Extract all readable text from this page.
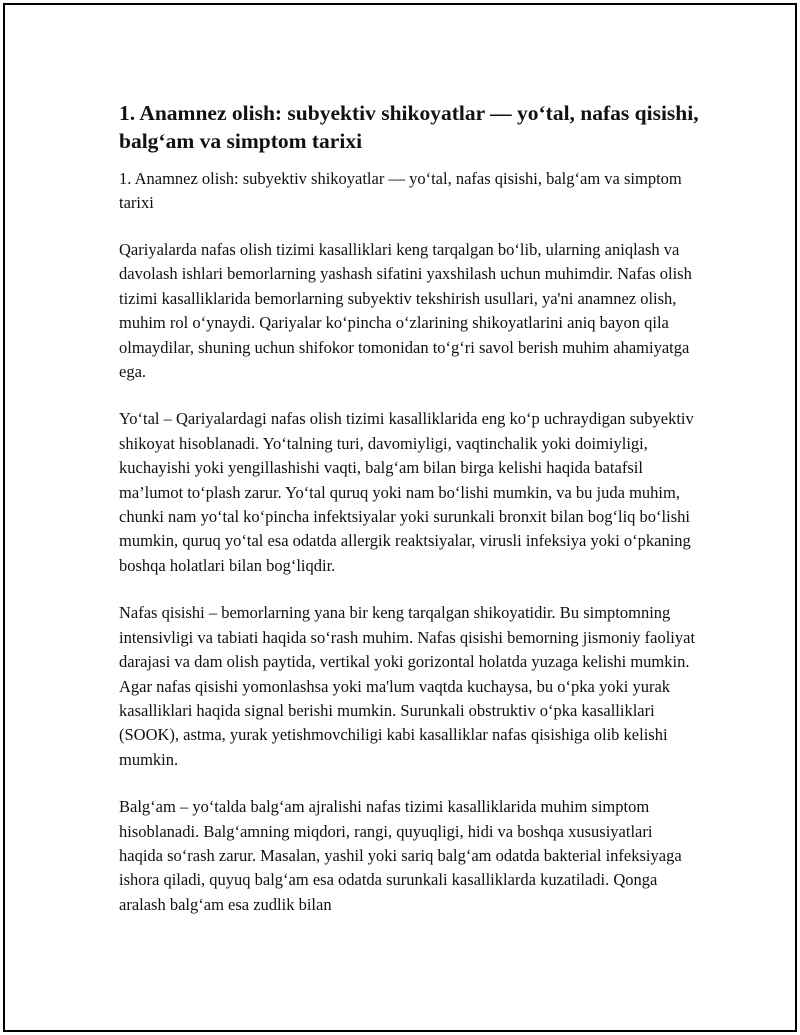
1. Anamnez olish: subyektiv shikoyatlar — yo‘tal, nafas qisishi, balg‘am va simptom tarixi

1. Anamnez olish: subyektiv shikoyatlar — yo‘tal, nafas qisishi, balg‘am va simptom tarixi

Qariyalarda nafas olish tizimi kasalliklari keng tarqalgan bo‘lib, ularning aniqlash va davolash ishlari bemorlarning yashash sifatini yaxshilash uchun muhimdir. Nafas olish tizimi kasalliklarida bemorlarning subyektiv tekshirish usullari, ya'ni anamnez olish, muhim rol o‘ynaydi. Qariyalar ko‘pincha o‘zlarining shikoyatlarini aniq bayon qila olmaydilar, shuning uchun shifokor tomonidan to‘g‘ri savol berish muhim ahamiyatga ega.

Yo‘tal – Qariyalardagi nafas olish tizimi kasalliklarida eng ko‘p uchraydigan subyektiv shikoyat hisoblanadi. Yo‘talning turi, davomiyligi, vaqtinchalik yoki doimiyligi, kuchayishi yoki yengillashishi vaqti, balg‘am bilan birga kelishi haqida batafsil ma’lumot to‘plash zarur. Yo‘tal quruq yoki nam bo‘lishi mumkin, va bu juda muhim, chunki nam yo‘tal ko‘pincha infektsiyalar yoki surunkali bronxit bilan bog‘liq bo‘lishi mumkin, quruq yo‘tal esa odatda allergik reaktsiyalar, virusli infeksiya yoki o‘pkaning boshqa holatlari bilan bog‘liqdir.

Nafas qisishi – bemorlarning yana bir keng tarqalgan shikoyatidir. Bu simptomning intensivligi va tabiati haqida so‘rash muhim. Nafas qisishi bemorning jismoniy faoliyat darajasi va dam olish paytida, vertikal yoki gorizontal holatda yuzaga kelishi mumkin. Agar nafas qisishi yomonlashsa yoki ma'lum vaqtda kuchaysa, bu o‘pka yoki yurak kasalliklari haqida signal berishi mumkin. Surunkali obstruktiv o‘pka kasalliklari (SOOK), astma, yurak yetishmovchiligi kabi kasalliklar nafas qisishiga olib kelishi mumkin.

Balg‘am – yo‘talda balg‘am ajralishi nafas tizimi kasalliklarida muhim simptom hisoblanadi. Balg‘amning miqdori, rangi, quyuqligi, hidi va boshqa xususiyatlari haqida so‘rash zarur. Masalan, yashil yoki sariq balg‘am odatda bakterial infeksiyaga ishora qiladi, quyuq balg‘am esa odatda surunkali kasalliklarda kuzatiladi. Qonga aralash balg‘am esa zudlik bilan
